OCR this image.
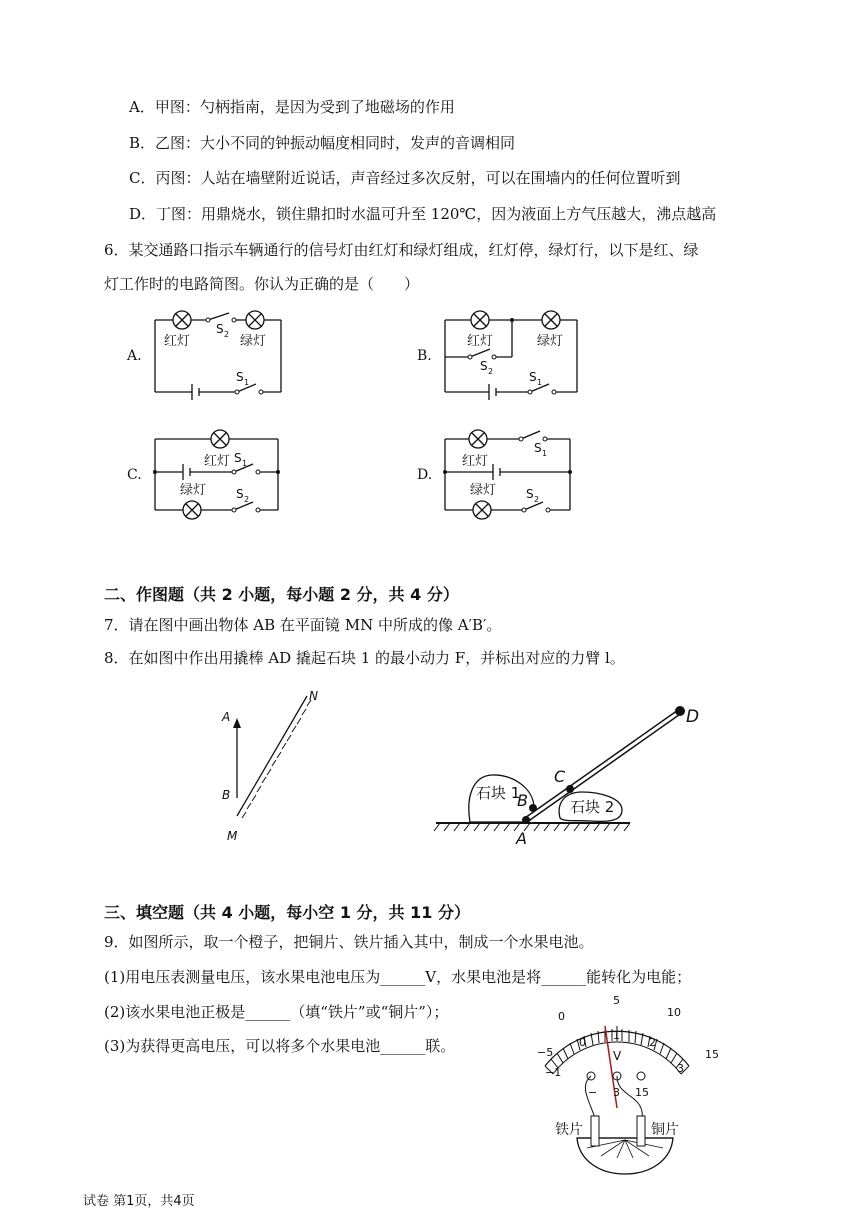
A．甲图：勺柄指南，是因为受到了地磁场的作用
B．乙图：大小不同的钟振动幅度相同时，发声的音调相同
C．丙图：人站在墙壁附近说话，声音经过多次反射，可以在围墙内的任何位置听到
D．丁图：用鼎烧水，锁住鼎扣时水温可升至 120℃，因为液面上方气压越大，沸点越高
6．某交通路口指示车辆通行的信号灯由红灯和绿灯组成，红灯停，绿灯行，以下是红、绿
灯工作时的电路简图。你认为正确的是（　　）
A.	B.
C.	D.
红灯	绿灯
S 2
S 1
红灯	绿灯
S 2	S 1
红灯
绿灯
S 1
S 2
红灯
绿灯
S 1
S 2
二、作图题（共 2 小题，每小题 2 分，共 4 分）
7．请在图中画出物体 AB 在平面镜 MN 中所成的像 A′B′。
8．在如图中作出用撬棒 AD 撬起石块 1 的最小动力 F，并标出对应的力臂 l。
A
B
M
N
石块 1
石块 2
A
B
C
D
三、填空题（共 4 小题，每小空 1 分，共 11 分）
9．如图所示，取一个橙子，把铜片、铁片插入其中，制成一个水果电池。
(1)用电压表测量电压，该水果电池电压为______V，水果电池是将______能转化为电能；
(2)该水果电池正极是______（填“铁片”或“铜片”）；
(3)为获得更高电压，可以将多个水果电池______联。	−5
0
5
10
15
−1
0
1
2
3
V
− 3 15
铁片	铜片
试卷 第1页，共4页
